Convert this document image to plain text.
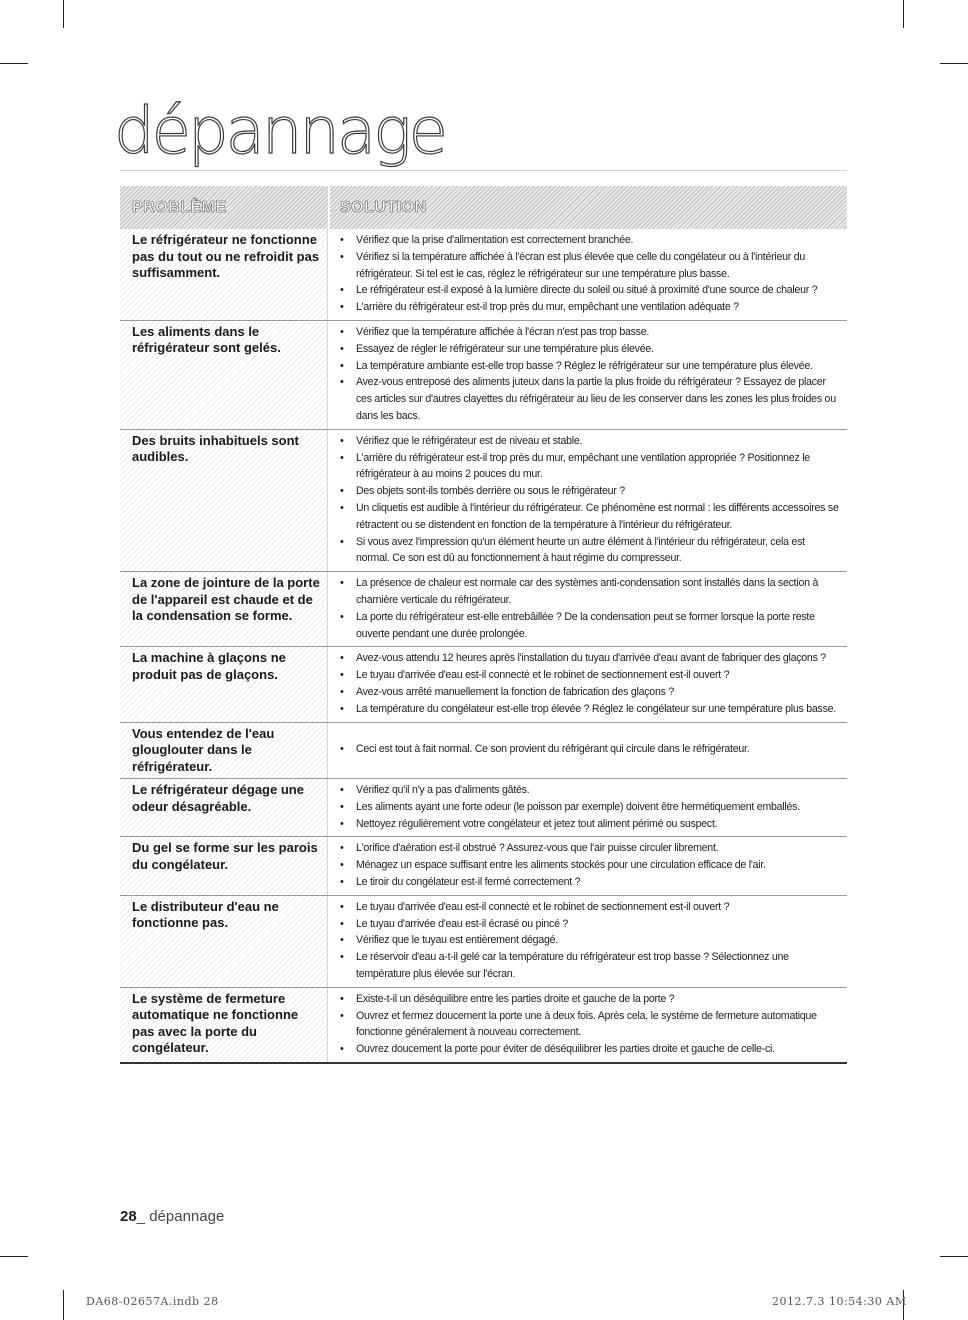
dépannage
PROBLÈME	SOLUTION
Le réfrigérateur ne fonctionne pas du tout ou ne refroidit pas suffisamment.
• Vérifiez que la prise d'alimentation est correctement branchée.
• Vérifiez si la température affichée à l'écran est plus élevée que celle du congélateur ou à l'intérieur du réfrigérateur. Si tel est le cas, réglez le réfrigérateur sur une température plus basse.
• Le réfrigérateur est-il exposé à la lumière directe du soleil ou situé à proximité d'une source de chaleur ?
• L'arrière du réfrigérateur est-il trop près du mur, empêchant une ventilation adéquate ?
Les aliments dans le réfrigérateur sont gelés.
• Vérifiez que la température affichée à l'écran n'est pas trop basse.
• Essayez de régler le réfrigérateur sur une température plus élevée.
• La température ambiante est-elle trop basse ? Réglez le réfrigérateur sur une température plus élevée.
• Avez-vous entreposé des aliments juteux dans la partie la plus froide du réfrigérateur ? Essayez de placer ces articles sur d'autres clayettes du réfrigérateur au lieu de les conserver dans les zones les plus froides ou dans les bacs.
Des bruits inhabituels sont audibles.
• Vérifiez que le réfrigérateur est de niveau et stable.
• L'arrière du réfrigérateur est-il trop près du mur, empêchant une ventilation appropriée ? Positionnez le réfrigérateur à au moins 2 pouces du mur.
• Des objets sont-ils tombés derrière ou sous le réfrigérateur ?
• Un cliquetis est audible à l'intérieur du réfrigérateur. Ce phénomène est normal : les différents accessoires se rétractent ou se distendent en fonction de la température à l'intérieur du réfrigérateur.
• Si vous avez l'impression qu'un élément heurte un autre élément à l'intérieur du réfrigérateur, cela est normal. Ce son est dû au fonctionnement à haut régime du compresseur.
La zone de jointure de la porte de l'appareil est chaude et de la condensation se forme.
• La présence de chaleur est normale car des systèmes anti-condensation sont installés dans la section à charnière verticale du réfrigérateur.
• La porte du réfrigérateur est-elle entrebâillée ? De la condensation peut se former lorsque la porte reste ouverte pendant une durée prolongée.
La machine à glaçons ne produit pas de glaçons.
• Avez-vous attendu 12 heures après l'installation du tuyau d'arrivée d'eau avant de fabriquer des glaçons ?
• Le tuyau d'arrivée d'eau est-il connecté et le robinet de sectionnement est-il ouvert ?
• Avez-vous arrêté manuellement la fonction de fabrication des glaçons ?
• La température du congélateur est-elle trop élevée ? Réglez le congélateur sur une température plus basse.
Vous entendez de l'eau glouglouter dans le réfrigérateur.
• Ceci est tout à fait normal. Ce son provient du réfrigérant qui circule dans le réfrigérateur.
Le réfrigérateur dégage une odeur désagréable.
• Vérifiez qu'il n'y a pas d'aliments gâtés.
• Les aliments ayant une forte odeur (le poisson par exemple) doivent être hermétiquement emballés.
• Nettoyez régulièrement votre congélateur et jetez tout aliment périmé ou suspect.
Du gel se forme sur les parois du congélateur.
• L'orifice d'aération est-il obstrué ? Assurez-vous que l'air puisse circuler librement.
• Ménagez un espace suffisant entre les aliments stockés pour une circulation efficace de l'air.
• Le tiroir du congélateur est-il fermé correctement ?
Le distributeur d'eau ne fonctionne pas.
• Le tuyau d'arrivée d'eau est-il connecté et le robinet de sectionnement est-il ouvert ?
• Le tuyau d'arrivée d'eau est-il écrasé ou pincé ?
• Vérifiez que le tuyau est entièrement dégagé.
• Le réservoir d'eau a-t-il gelé car la température du réfrigérateur est trop basse ? Sélectionnez une température plus élevée sur l'écran.
Le système de fermeture automatique ne fonctionne pas avec la porte du congélateur.
• Existe-t-il un déséquilibre entre les parties droite et gauche de la porte ?
• Ouvrez et fermez doucement la porte une à deux fois. Après cela, le système de fermeture automatique fonctionne généralement à nouveau correctement.
• Ouvrez doucement la porte pour éviter de déséquilibrer les parties droite et gauche de celle-ci.
28_ dépannage
DA68-02657A.indb 28	2012.7.3 10:54:30 AM
